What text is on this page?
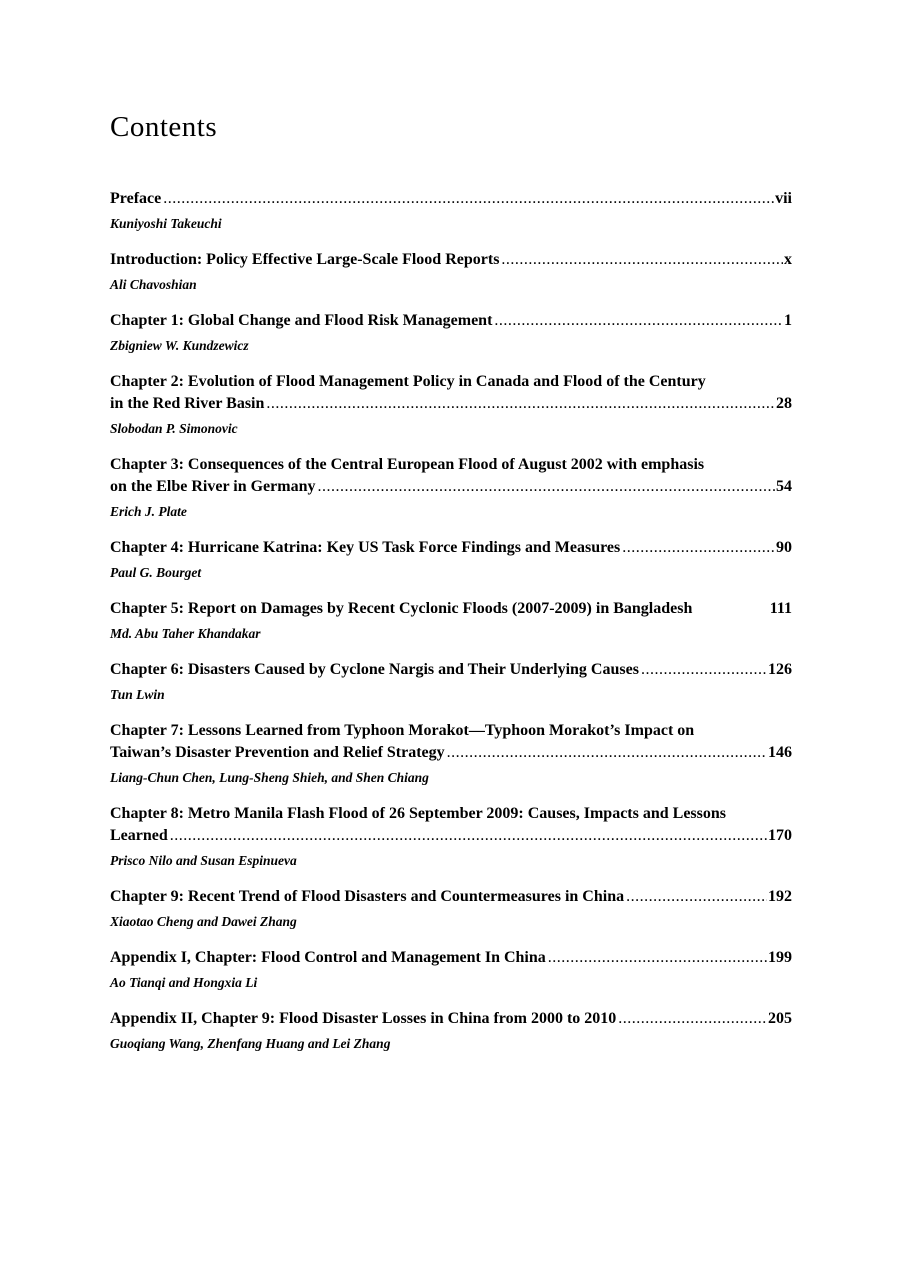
Contents
Preface .....	vii
Kuniyoshi Takeuchi
Introduction: Policy Effective Large-Scale Flood Reports .....	x
Ali Chavoshian
Chapter 1: Global Change and Flood Risk Management .....	1
Zbigniew W. Kundzewicz
Chapter 2: Evolution of Flood Management Policy in Canada and Flood of the Century
in the Red River Basin .....	28
Slobodan P. Simonovic
Chapter 3: Consequences of the Central European Flood of August 2002 with emphasis
on the Elbe River in Germany .....	54
Erich J. Plate
Chapter 4: Hurricane Katrina: Key US Task Force Findings and Measures .....	90
Paul G. Bourget
Chapter 5: Report on Damages by Recent Cyclonic Floods (2007-2009) in Bangladesh	111
Md. Abu Taher Khandakar
Chapter 6: Disasters Caused by Cyclone Nargis and Their Underlying Causes .....	126
Tun Lwin
Chapter 7: Lessons Learned from Typhoon Morakot—Typhoon Morakot’s Impact on
Taiwan’s Disaster Prevention and Relief Strategy .....	146
Liang-Chun Chen, Lung-Sheng Shieh, and Shen Chiang
Chapter 8: Metro Manila Flash Flood of 26 September 2009: Causes, Impacts and Lessons
Learned .....	170
Prisco Nilo and Susan Espinueva
Chapter 9: Recent Trend of Flood Disasters and Countermeasures in China .....	192
Xiaotao Cheng and Dawei Zhang
Appendix I, Chapter: Flood Control and Management In China .....	199
Ao Tianqi and Hongxia Li
Appendix II, Chapter 9: Flood Disaster Losses in China from 2000 to 2010 .....	205
Guoqiang Wang, Zhenfang Huang and Lei Zhang
